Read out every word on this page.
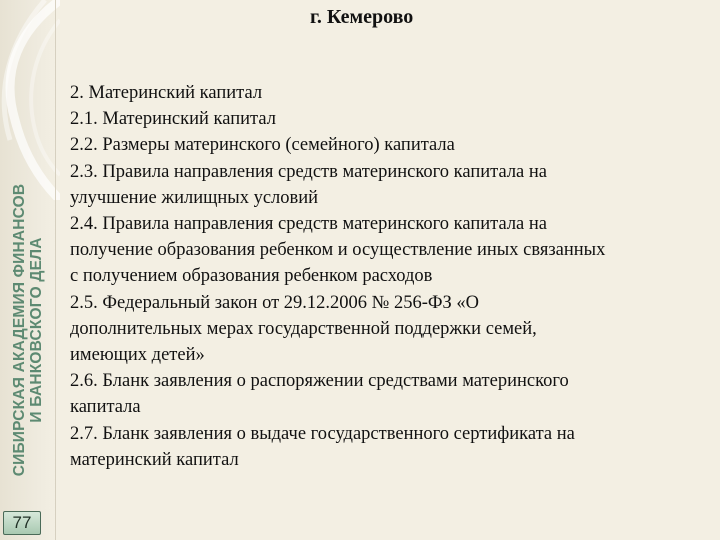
СИБИРСКАЯ АКАДЕМИЯ ФИНАНСОВ И БАНКОВСКОГО ДЕЛА
77
г. Кемерово
2. Материнский капитал
2.1. Материнский капитал
2.2. Размеры материнского (семейного) капитала
2.3. Правила направления средств материнского капитала на
улучшение жилищных условий
2.4. Правила направления средств материнского капитала на
получение образования ребенком и осуществление иных связанных
с получением образования ребенком расходов
2.5. Федеральный закон от 29.12.2006 № 256-ФЗ «О
дополнительных мерах государственной поддержки семей,
имеющих детей»
2.6. Бланк заявления о распоряжении средствами материнского
капитала
2.7. Бланк заявления о выдаче государственного сертификата на
материнский капитал
